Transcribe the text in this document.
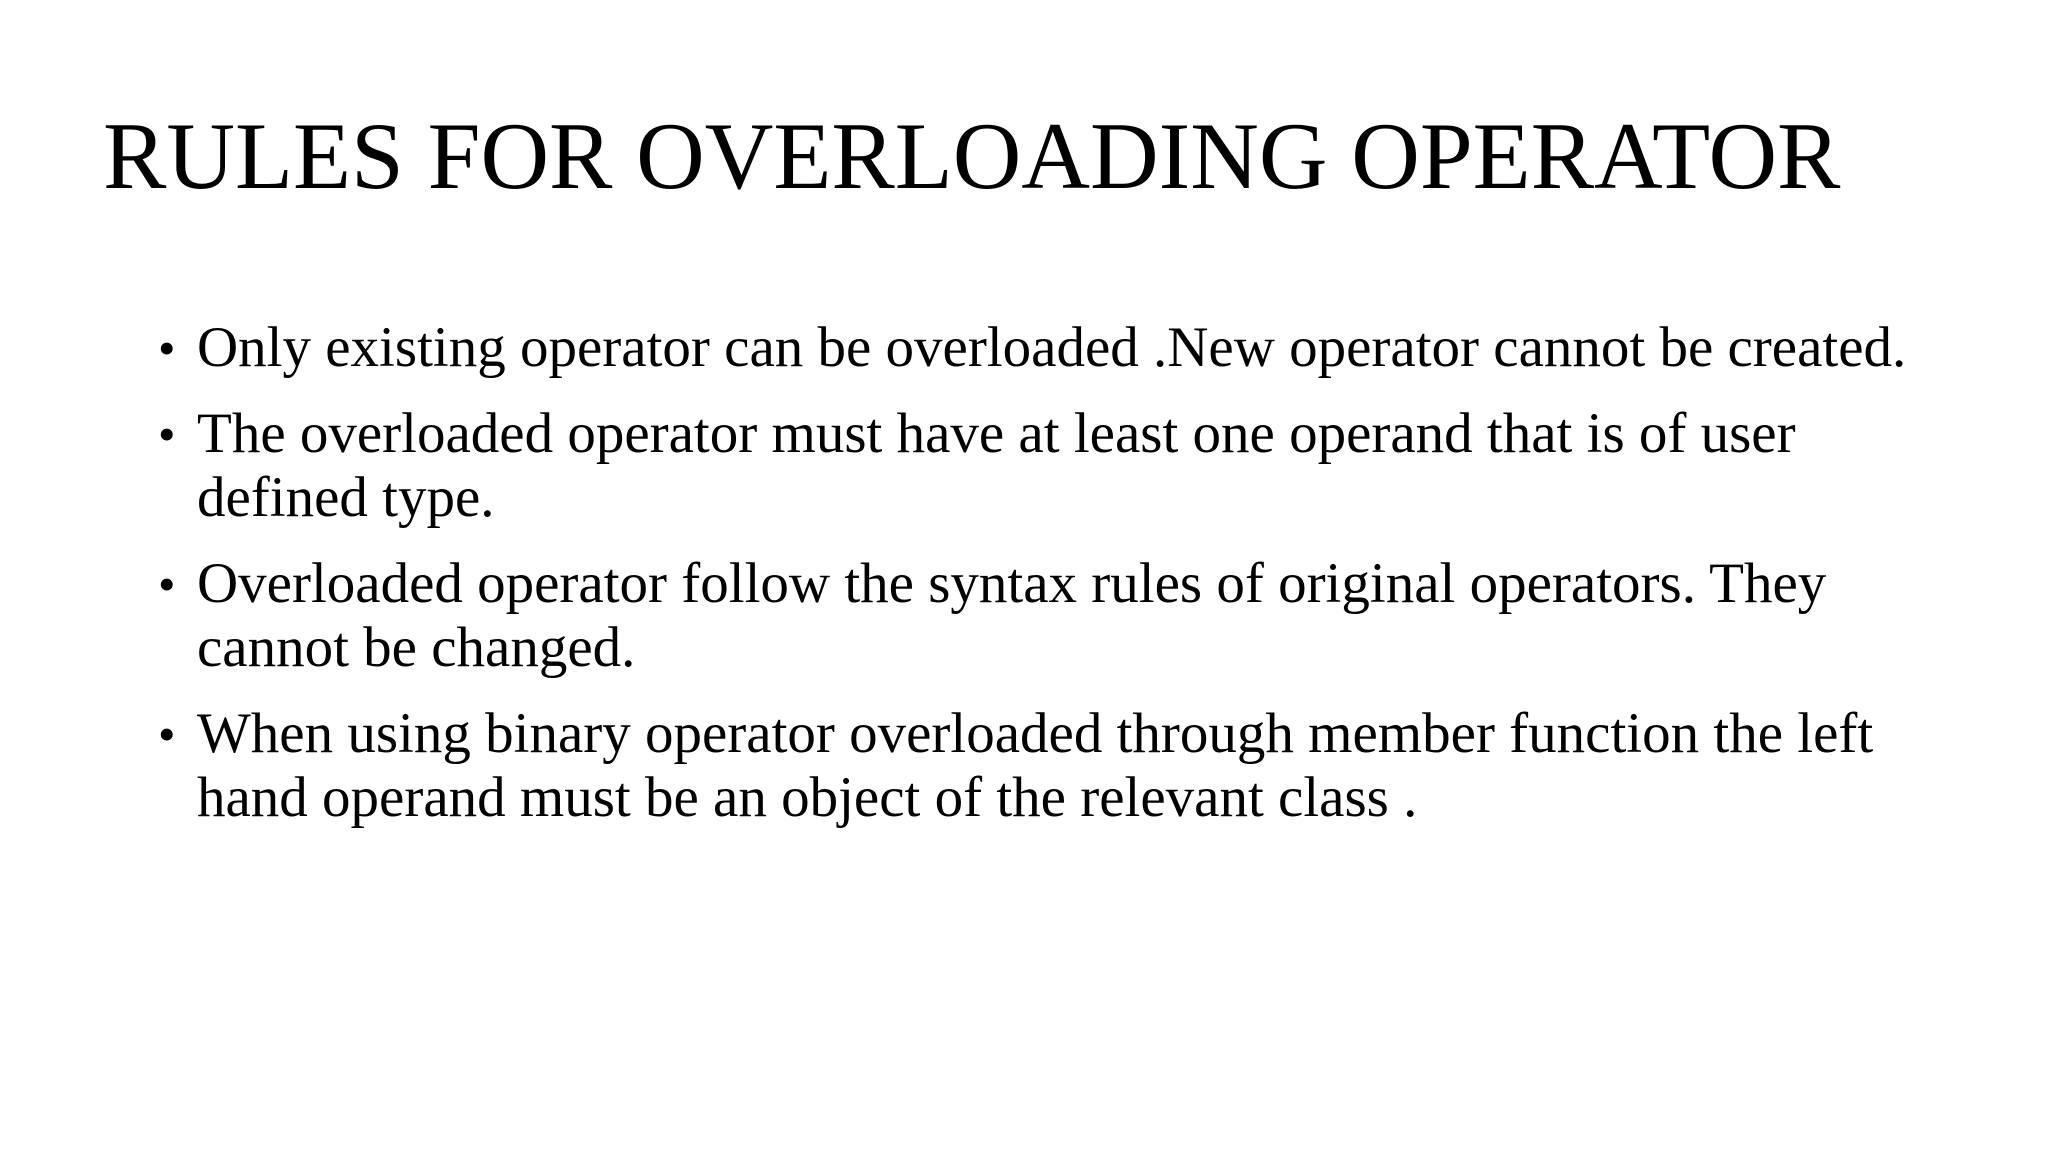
RULES FOR OVERLOADING OPERATOR
• Only existing operator can be overloaded .New operator cannot be created.
• The overloaded operator must have at least one operand that is of user defined type.
• Overloaded operator follow the syntax rules of original operators. They cannot be changed.
• When using binary operator overloaded through member function the left hand operand must be an object of the relevant class .
